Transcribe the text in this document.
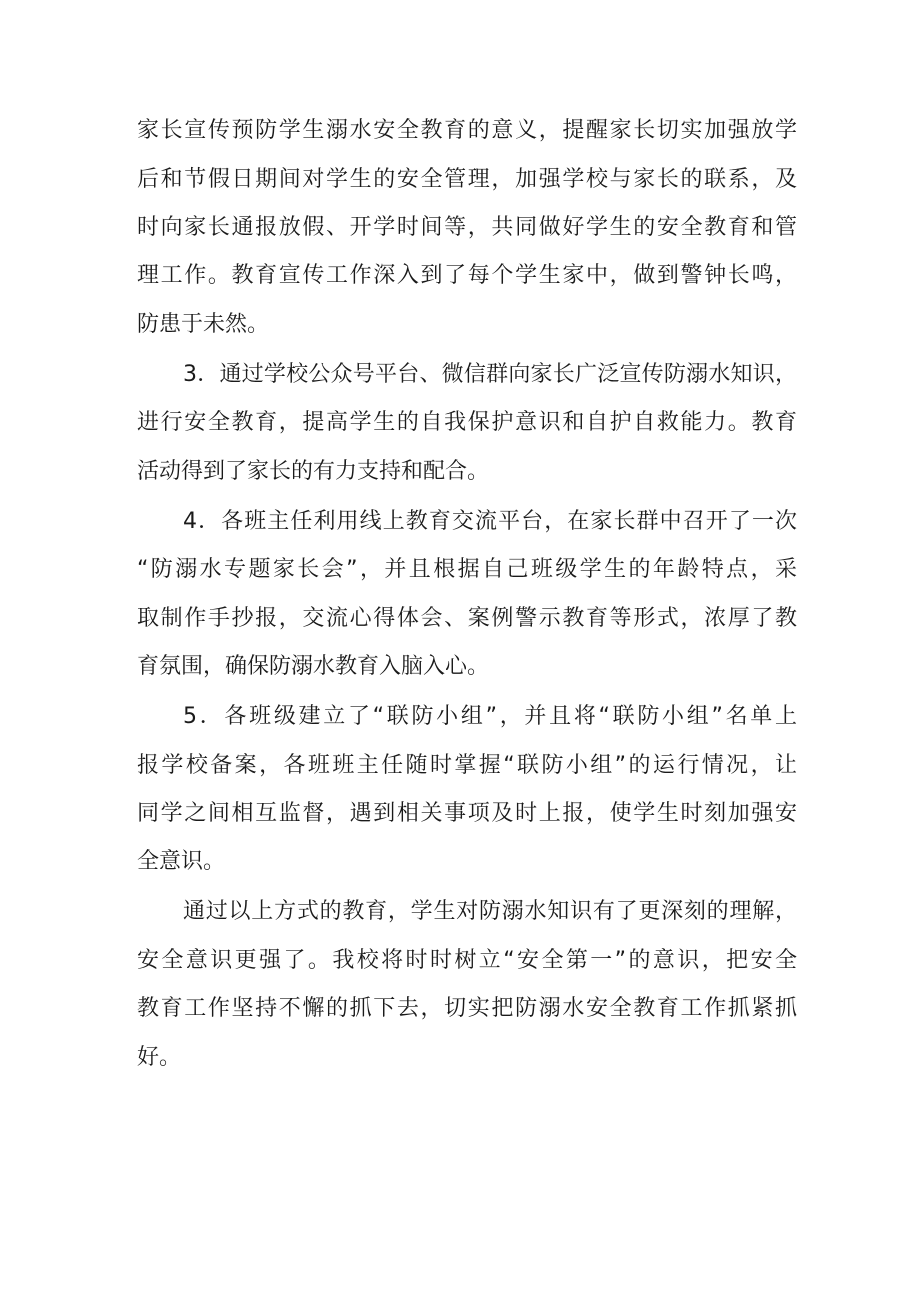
家长宣传预防学生溺水安全教育的意义，提醒家长切实加强放学
后和节假日期间对学生的安全管理，加强学校与家长的联系，及
时向家长通报放假、开学时间等，共同做好学生的安全教育和管
理工作。教育宣传工作深入到了每个学生家中，做到警钟长鸣，
防患于未然。
3．通过学校公众号平台、微信群向家长广泛宣传防溺水知识，
进行安全教育，提高学生的自我保护意识和自护自救能力。教育
活动得到了家长的有力支持和配合。
4．各班主任利用线上教育交流平台，在家长群中召开了一次
“防溺水专题家长会”，并且根据自己班级学生的年龄特点，采
取制作手抄报，交流心得体会、案例警示教育等形式，浓厚了教
育氛围，确保防溺水教育入脑入心。
5．各班级建立了“联防小组”，并且将“联防小组”名单上
报学校备案，各班班主任随时掌握“联防小组”的运行情况，让
同学之间相互监督，遇到相关事项及时上报，使学生时刻加强安
全意识。
通过以上方式的教育，学生对防溺水知识有了更深刻的理解，
安全意识更强了。我校将时时树立“安全第一”的意识，把安全
教育工作坚持不懈的抓下去，切实把防溺水安全教育工作抓紧抓
好。
